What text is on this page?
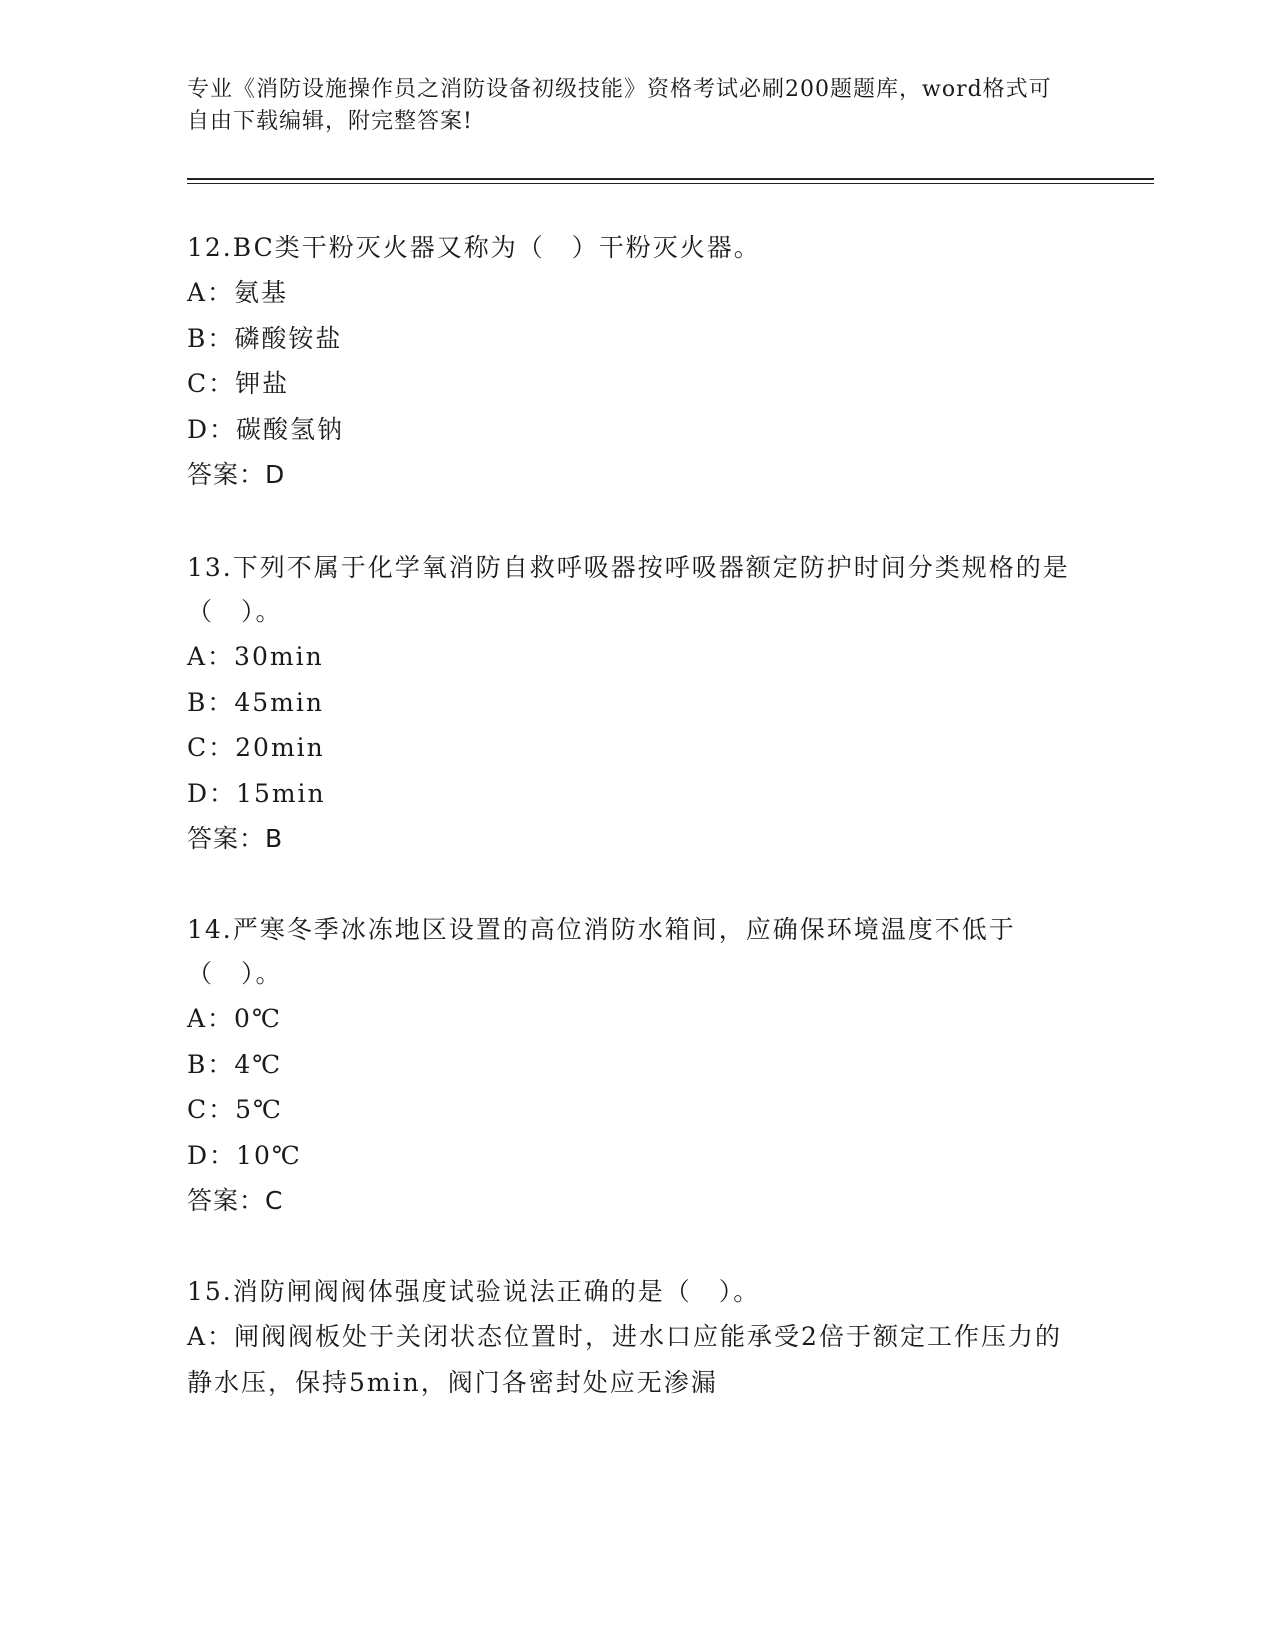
专业《消防设施操作员之消防设备初级技能》资格考试必刷200题题库，word格式可自由下载编辑，附完整答案!

12.BC类干粉灭火器又称为（　）干粉灭火器。

A：氨基

B：磷酸铵盐

C：钾盐

D：碳酸氢钠

答案：D

13.下列不属于化学氧消防自救呼吸器按呼吸器额定防护时间分类规格的是（　）。

A：30min

B：45min

C：20min

D：15min

答案：B

14.严寒冬季冰冻地区设置的高位消防水箱间，应确保环境温度不低于（　）。

A：0℃

B：4℃

C：5℃

D：10℃

答案：C

15.消防闸阀阀体强度试验说法正确的是（　）。

A：闸阀阀板处于关闭状态位置时，进水口应能承受2倍于额定工作压力的静水压，保持5min，阀门各密封处应无渗漏
